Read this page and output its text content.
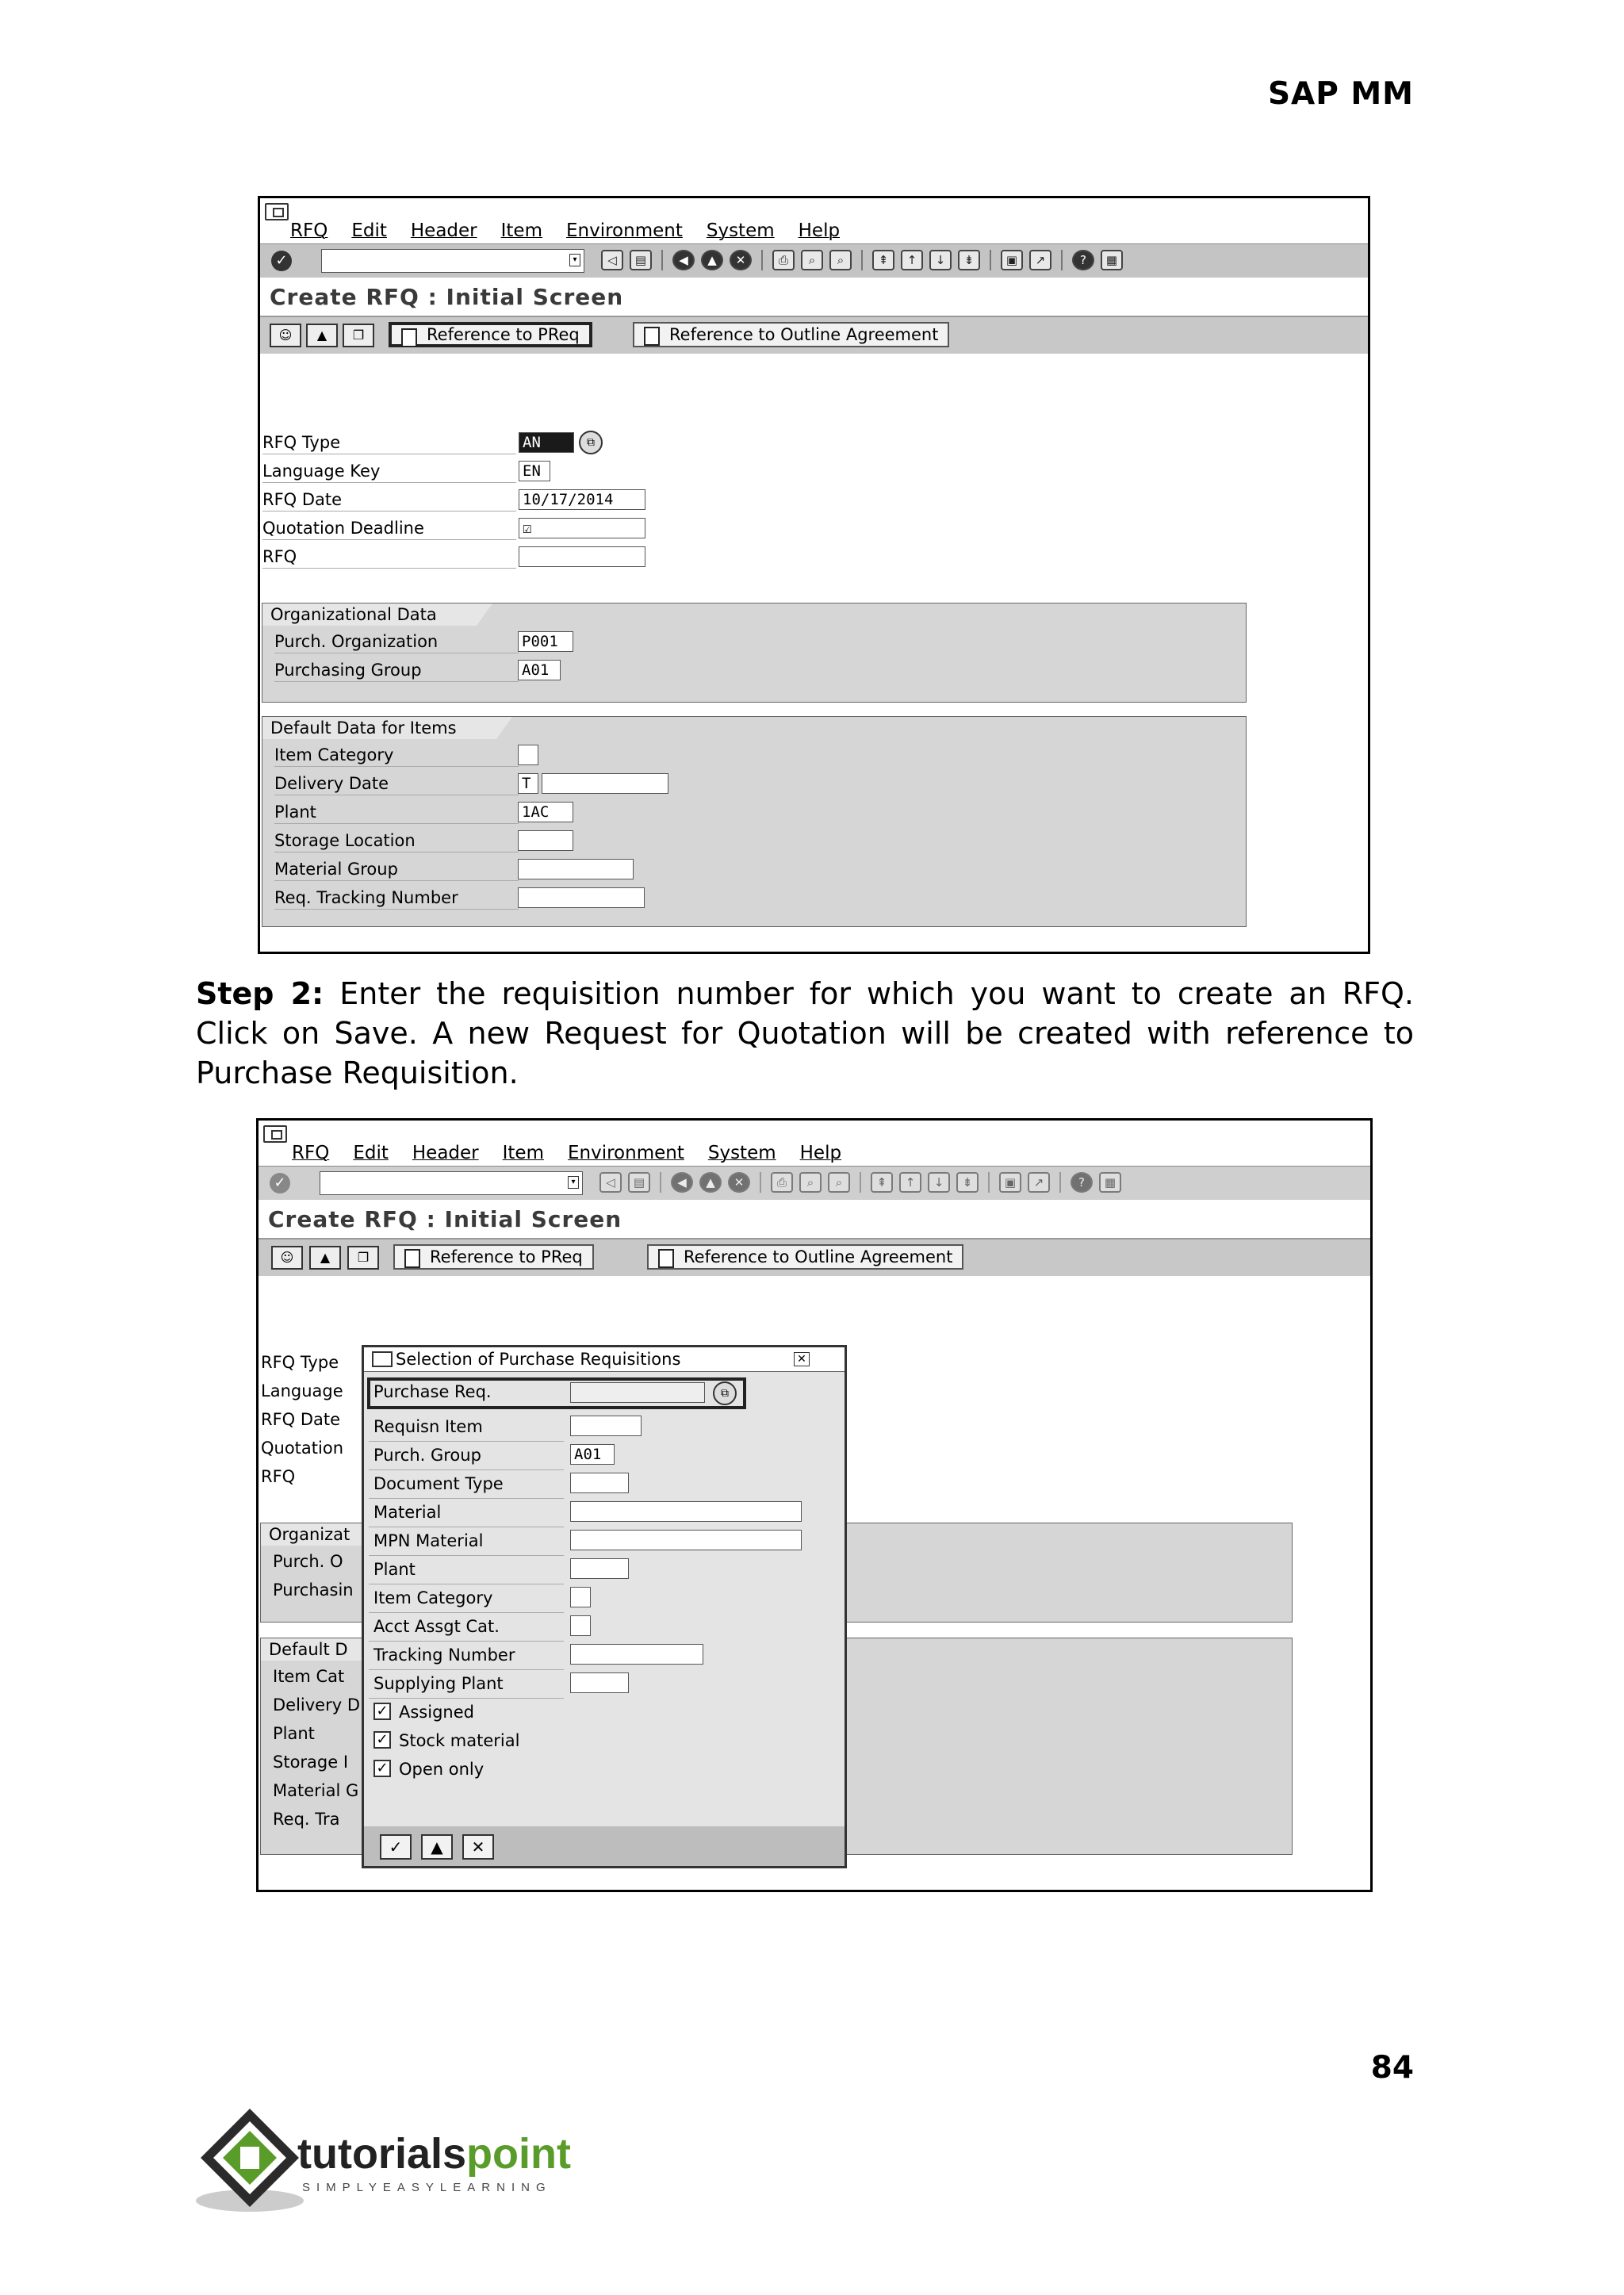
SAP MM
RFQ Edit Header Item Environment System Help
✓	▾	◁	▤	◀	▲	✕	⎙	⌕	⌕	⇞	↑	↓	⇟	▣	↗	?	▦
Create RFQ : Initial Screen
☺	▲	❐	Reference to PReq	Reference to Outline Agreement
RFQ Type	AN	⧉
Language Key	EN
RFQ Date	10/17/2014
Quotation Deadline	☑
RFQ
Organizational Data
Purch. Organization	P001
Purchasing Group	A01
Default Data for Items
Item Category
Delivery Date	T
Plant	1AC
Storage Location
Material Group
Req. Tracking Number
Step 2: Enter the requisition number for which you want to create an RFQ. Click on Save. A new Request for Quotation will be created with reference to Purchase Requisition.
RFQ Edit Header Item Environment System Help
✓	▾	◁	▤	◀	▲	✕	⎙	⌕	⌕	⇞	↑	↓	⇟	▣	↗	?	▦
Create RFQ : Initial Screen
☺	▲	❐	Reference to PReq	Reference to Outline Agreement
RFQ Type
Language
RFQ Date
Quotation
RFQ
Organizat
Purch. O
Purchasin
Default D
Item Cat
Delivery D
Plant
Storage I
Material G
Req. Tra
Selection of Purchase Requisitions	✕
Purchase Req.	⧉
Requisn Item
Purch. Group	A01
Document Type
Material
MPN Material
Plant
Item Category
Acct Assgt Cat.
Tracking Number
Supplying Plant
✓ Assigned
✓ Stock material
✓ Open only
✓	▲	✕
84
tutorialspoint
SIMPLYEASYLEARNING
